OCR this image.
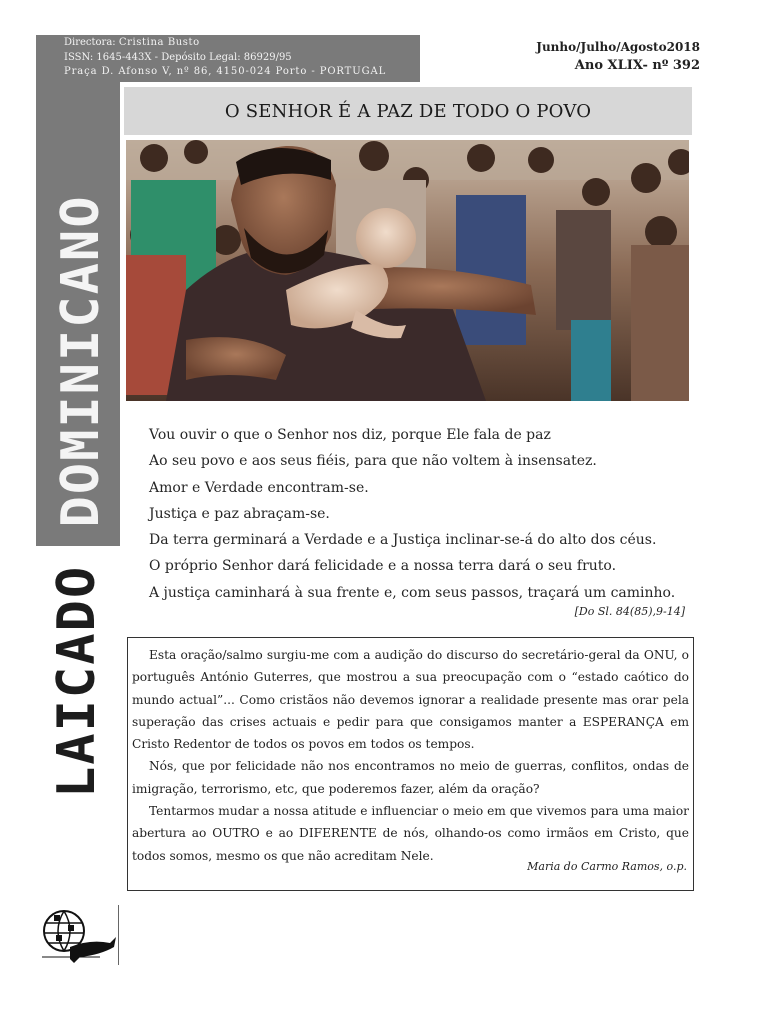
Directora: Cristina Busto
ISSN: 1645-443X - Depósito Legal: 86929/95
Praça D. Afonso V, nº 86, 4150-024 Porto - PORTUGAL
Junho/Julho/Agosto2018
Ano XLIX- nº 392
DOMINICANO
LAICADO
O SENHOR É A PAZ DE TODO O POVO
Vou ouvir o que o Senhor nos diz, porque Ele fala de paz
Ao seu povo e aos seus fiéis, para que não voltem à insensatez.
Amor e Verdade encontram-se.
Justiça e paz abraçam-se.
Da terra germinará a Verdade e a Justiça inclinar-se-á do alto dos céus.
O próprio Senhor dará felicidade e a nossa terra dará o seu fruto.
A justiça caminhará à sua frente e, com seus passos, traçará um caminho.
[Do Sl. 84(85),9-14]

Esta oração/salmo surgiu-me com a audição do discurso do secretário-geral da ONU, o português António Guterres, que mostrou a sua preocupação com o “estado caótico do mundo actual”... Como cristãos não devemos ignorar a realidade presente mas orar pela superação das crises actuais e pedir para que consigamos manter a ESPERANÇA em Cristo Redentor de todos os povos em todos os tempos.

Nós, que por felicidade não nos encontramos no meio de guerras, conflitos, ondas de imigração, terrorismo, etc, que poderemos fazer, além da oração?

Tentarmos mudar a nossa atitude e influenciar o meio em que vivemos para uma maior abertura ao OUTRO e ao DIFERENTE de nós, olhando-os como irmãos em Cristo, que todos somos, mesmo os que não acreditam Nele.

Maria do Carmo Ramos, o.p.
